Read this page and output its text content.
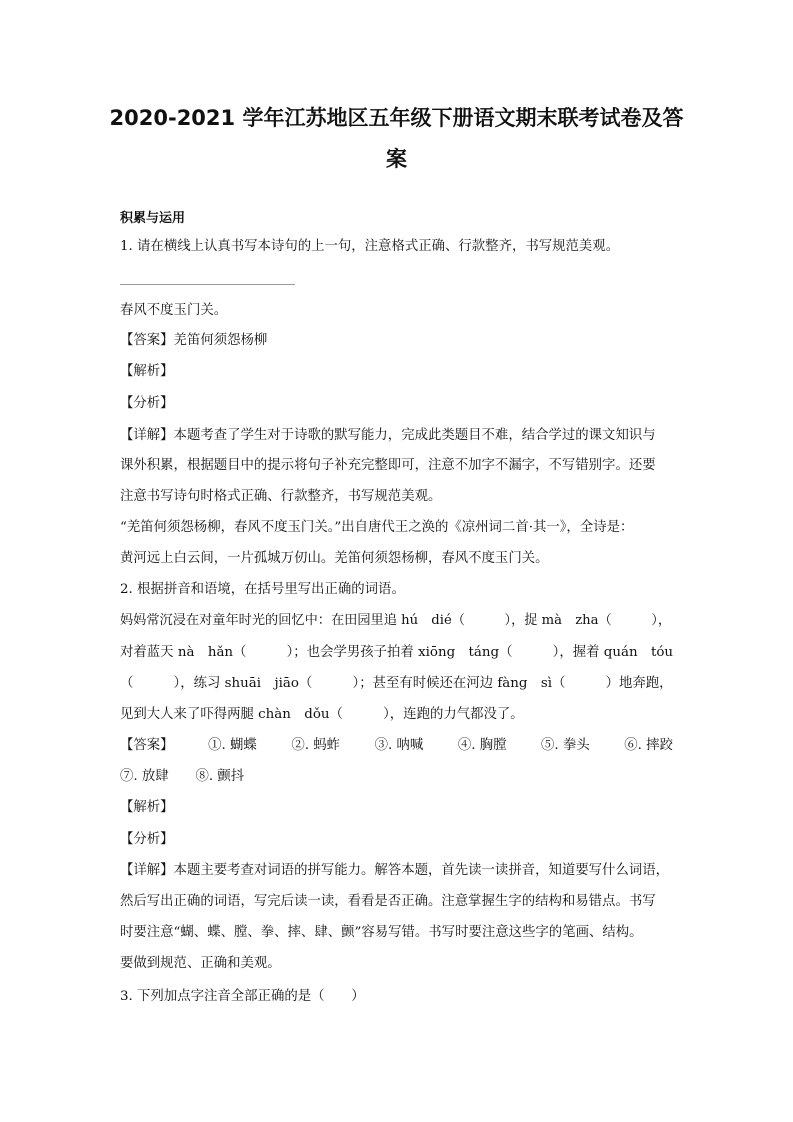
2020-2021 学年江苏地区五年级下册语文期末联考试卷及答
案
积累与运用
1. 请在横线上认真书写本诗句的上一句，注意格式正确、行款整齐，书写规范美观。
春风不度玉门关。
【答案】羌笛何须怨杨柳
【解析】
【分析】
【详解】本题考查了学生对于诗歌的默写能力，完成此类题目不难，结合学过的课文知识与
课外积累，根据题目中的提示将句子补充完整即可，注意不加字不漏字，不写错别字。还要
注意书写诗句时格式正确、行款整齐，书写规范美观。
“羌笛何须怨杨柳，春风不度玉门关。”出自唐代王之涣的《凉州词二首·其一》，全诗是：
黄河远上白云间，一片孤城万仞山。羌笛何须怨杨柳，春风不度玉门关。
2. 根据拼音和语境，在括号里写出正确的词语。
妈妈常沉浸在对童年时光的回忆中：在田园里追 hú　dié（　　　），捉 mà　zha（　　　），
对着蓝天 nà　hǎn（　　　）；也会学男孩子拍着 xiōng　táng（　　　），握着 quán　tóu
（　　　），练习 shuāi　jiāo（　　　）；甚至有时候还在河边 fàng　sì（　　　）地奔跑，
见到大人来了吓得两腿 chàn　dǒu（　　　），连跑的力气都没了。
【答案】	①. 蝴蝶	②. 蚂蚱	③. 呐喊	④. 胸膛	⑤. 拳头	⑥. 摔跤
⑦. 放肆　　⑧. 颤抖
【解析】
【分析】
【详解】本题主要考查对词语的拼写能力。解答本题，首先读一读拼音，知道要写什么词语，
然后写出正确的词语，写完后读一读，看看是否正确。注意掌握生字的结构和易错点。书写
时要注意“蝴、蝶、膛、拳、摔、肆、颤”容易写错。书写时要注意这些字的笔画、结构。
要做到规范、正确和美观。
3. 下列加点字注音全部正确的是（　　）
